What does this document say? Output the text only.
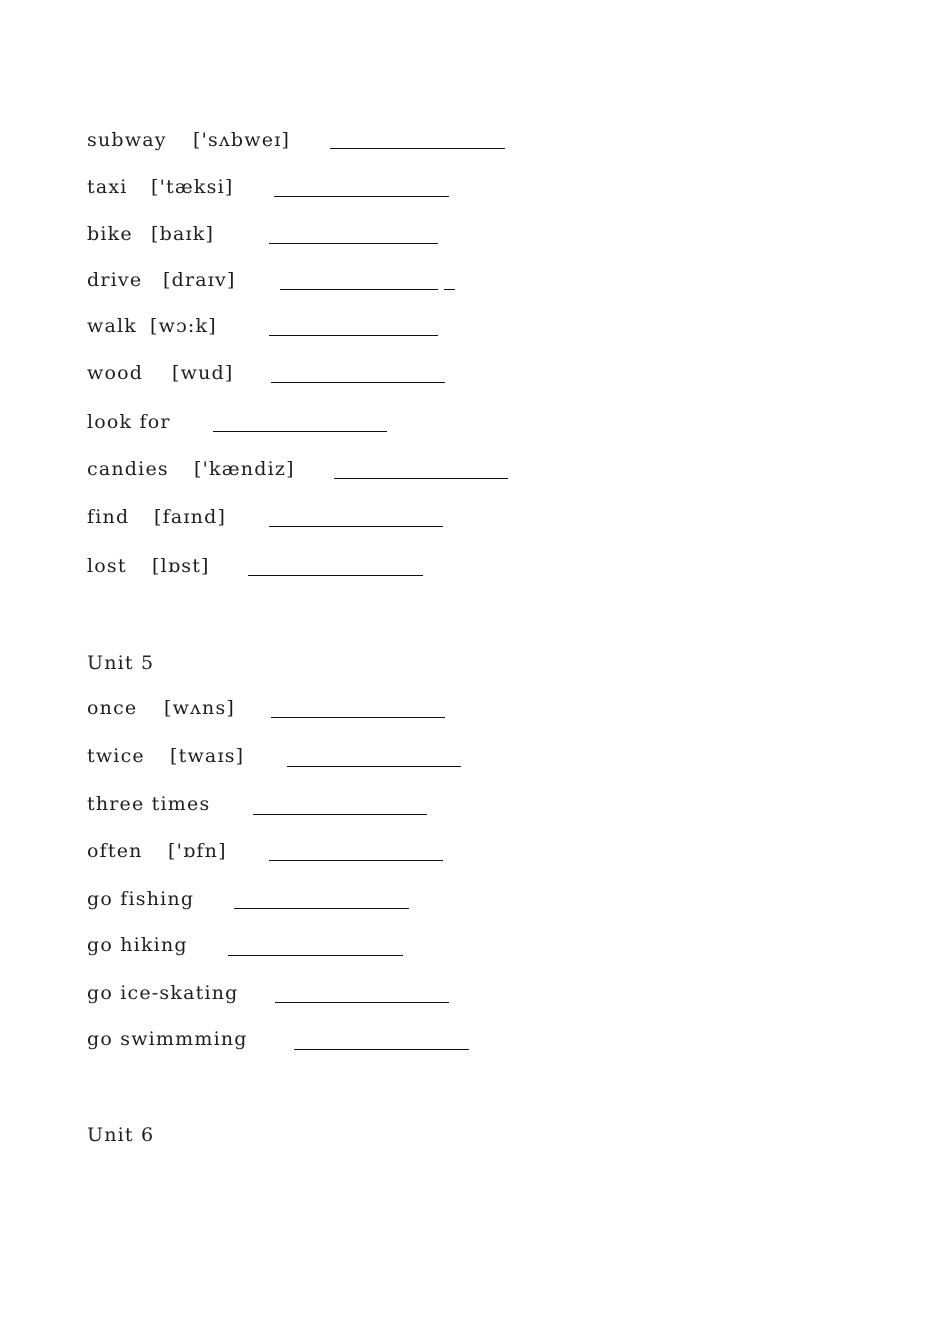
subway ['sʌbweɪ]
taxi ['tæksi]
bike [baɪk]
drive [draɪv]
walk [wɔ:k]
wood [wud]
look for
candies ['kændiz]
find [faɪnd]
lost [lɒst]
Unit 5
once [wʌns]
twice [twaɪs]
three times
often ['ɒfn]
go fishing
go hiking
go ice-skating
go swimmming
Unit 6
